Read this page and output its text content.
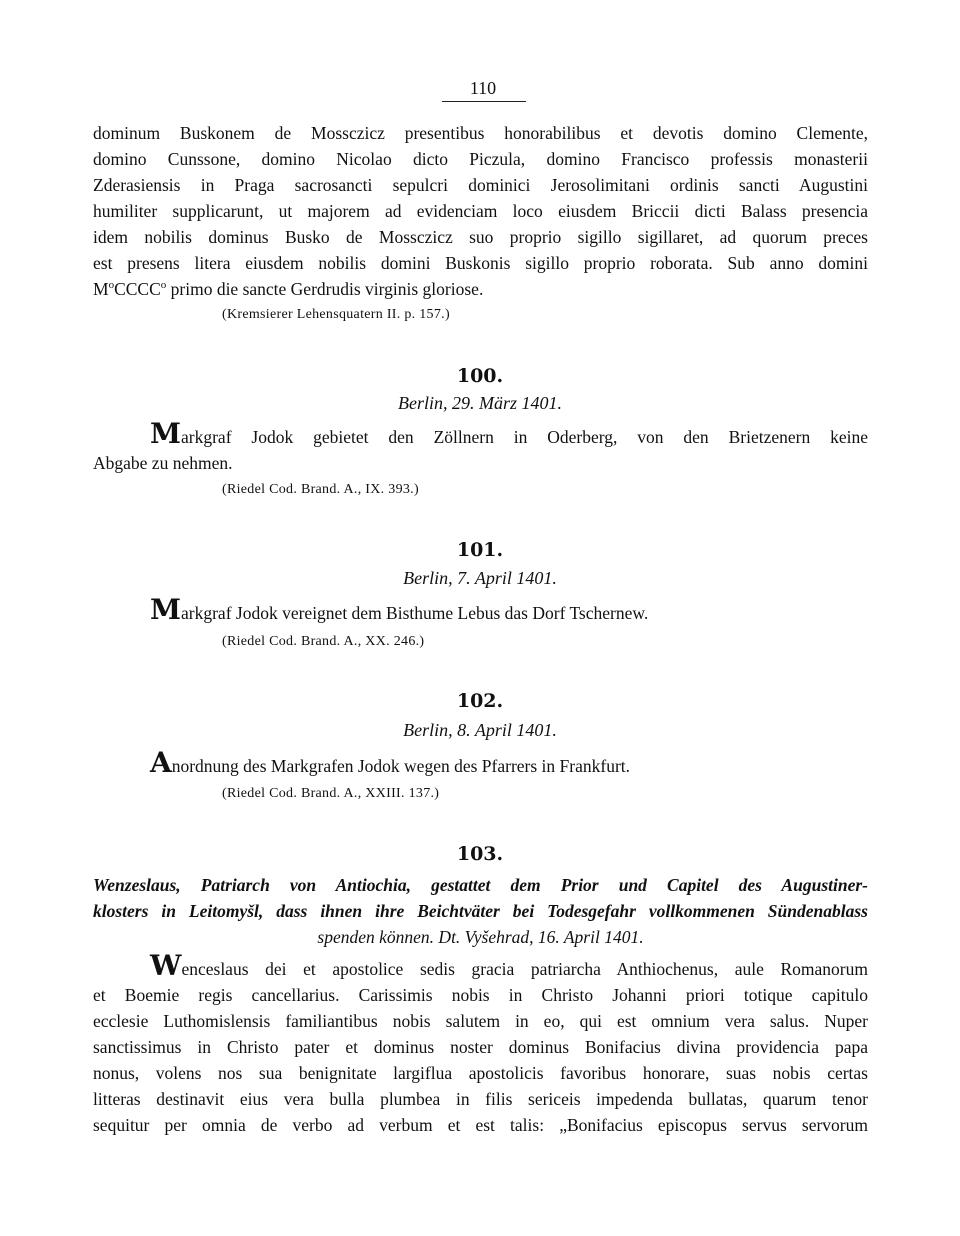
110
dominum Buskonem de Mossczicz presentibus honorabilibus et devotis domino Clemente,
domino Cunssone, domino Nicolao dicto Piczula, domino Francisco professis monasterii
Zderasiensis in Praga sacrosancti sepulcri dominici Jerosolimitani ordinis sancti Augustini
humiliter supplicarunt, ut majorem ad evidenciam loco eiusdem Briccii dicti Balass presencia
idem nobilis dominus Busko de Mossczicz suo proprio sigillo sigillaret, ad quorum preces
est presens litera eiusdem nobilis domini Buskonis sigillo proprio roborata. Sub anno domini
$M^oCCCC^o$ primo die sancte Gerdrudis virginis gloriose.
(Kremsierer Lehensquatern II. p. 157.)
100.
Berlin, 29. März 1401.
Markgraf Jodok gebietet den Zöllnern in Oderberg, von den Brietzenern keine
Abgabe zu nehmen.
(Riedel Cod. Brand. A., IX. 393.)
101.
Berlin, 7. April 1401.
Markgraf Jodok vereignet dem Bisthume Lebus das Dorf Tschernew.
(Riedel Cod. Brand. A., XX. 246.)
102.
Berlin, 8. April 1401.
Anordnung des Markgrafen Jodok wegen des Pfarrers in Frankfurt.
(Riedel Cod. Brand. A., XXIII. 137.)
103.
Wenzeslaus, Patriarch von Antiochia, gestattet dem Prior und Capitel des Augustiner-
klosters in Leitomyšl, dass ihnen ihre Beichtväter bei Todesgefahr vollkommenen Sündenablass
spenden können. Dt. Vyšehrad, 16. April 1401.
Wenceslaus dei et apostolice sedis gracia patriarcha Anthiochenus, aule Romanorum
et Boemie regis cancellarius. Carissimis nobis in Christo Johanni priori totique capitulo
ecclesie Luthomislensis familiantibus nobis salutem in eo, qui est omnium vera salus. Nuper
sanctissimus in Christo pater et dominus noster dominus Bonifacius divina providencia papa
nonus, volens nos sua benignitate largiflua apostolicis favoribus honorare, suas nobis certas
litteras destinavit eius vera bulla plumbea in filis sericeis impedenda bullatas, quarum tenor
sequitur per omnia de verbo ad verbum et est talis: „Bonifacius episcopus servus servorum
